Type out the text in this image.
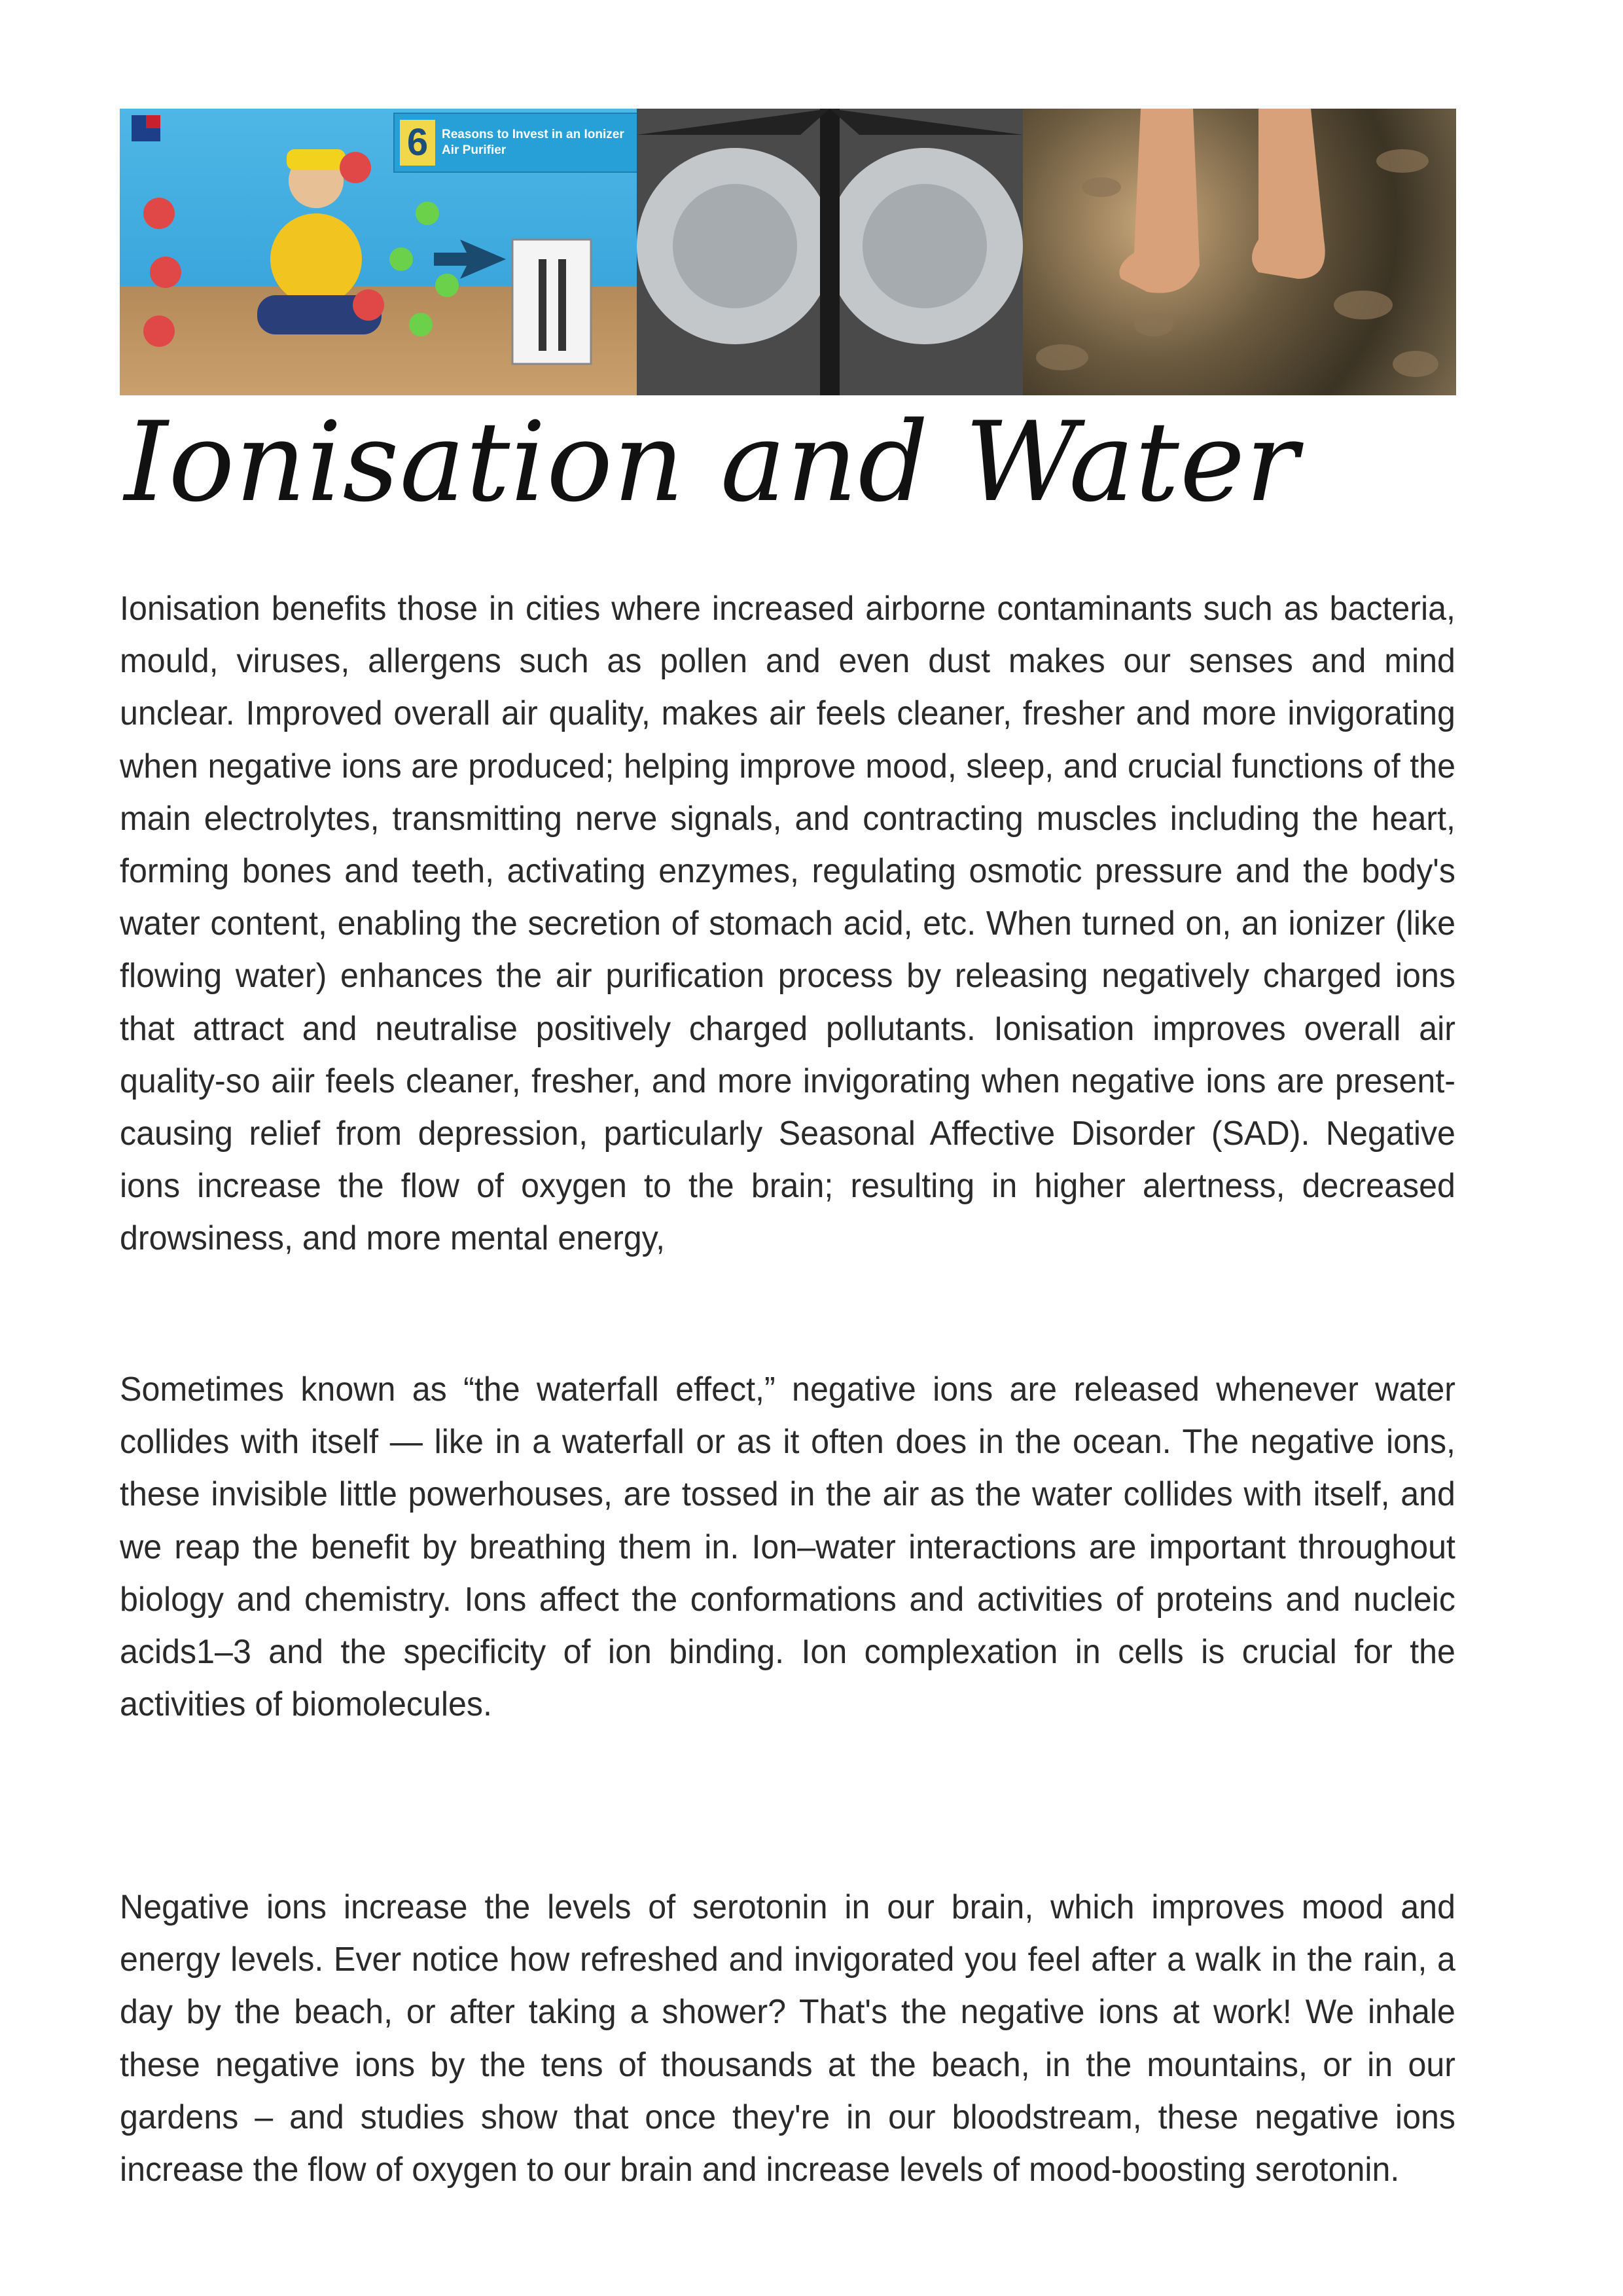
6	Reasons to Invest in an Ionizer Air Purifier
Ionisation and Water

Ionisation benefits those in cities where increased airborne contaminants such as bacteria, mould, viruses, allergens such as pollen and even dust makes our senses and mind unclear. Improved overall air quality, makes air feels cleaner, fresher and more invigorating when negative ions are produced; helping improve mood, sleep, and crucial functions of the main electrolytes, transmitting nerve signals, and contracting muscles including the heart, forming bones and teeth, activating enzymes, regulating osmotic pressure and the body's water content, enabling the secretion of stomach acid, etc. When turned on, an ionizer (like flowing water) enhances the air purification process by releasing negatively charged ions that attract and neutralise positively charged pollutants. Ionisation improves overall air quality-so aiir feels cleaner, fresher, and more invigorating when negative ions are present- causing relief from depression, particularly Seasonal Affective Disorder (SAD). Negative ions increase the flow of oxygen to the brain; resulting in higher alertness, decreased drowsiness, and more mental energy,

Sometimes known as “the waterfall effect,” negative ions are released whenever water collides with itself — like in a waterfall or as it often does in the ocean. The negative ions, these invisible little powerhouses, are tossed in the air as the water collides with itself, and we reap the benefit by breathing them in. Ion–water interactions are important throughout biology and chemistry. Ions affect the conformations and activities of proteins and nucleic acids1–3 and the specificity of ion binding. Ion complexation in cells is crucial for the activities of biomolecules.

Negative ions increase the levels of serotonin in our brain, which improves mood and energy levels. Ever notice how refreshed and invigorated you feel after a walk in the rain, a day by the beach, or after taking a shower? That's the negative ions at work! We inhale these negative ions by the tens of thousands at the beach, in the mountains, or in our gardens – and studies show that once they're in our bloodstream, these negative ions increase the flow of oxygen to our brain and increase levels of mood-boosting serotonin.
